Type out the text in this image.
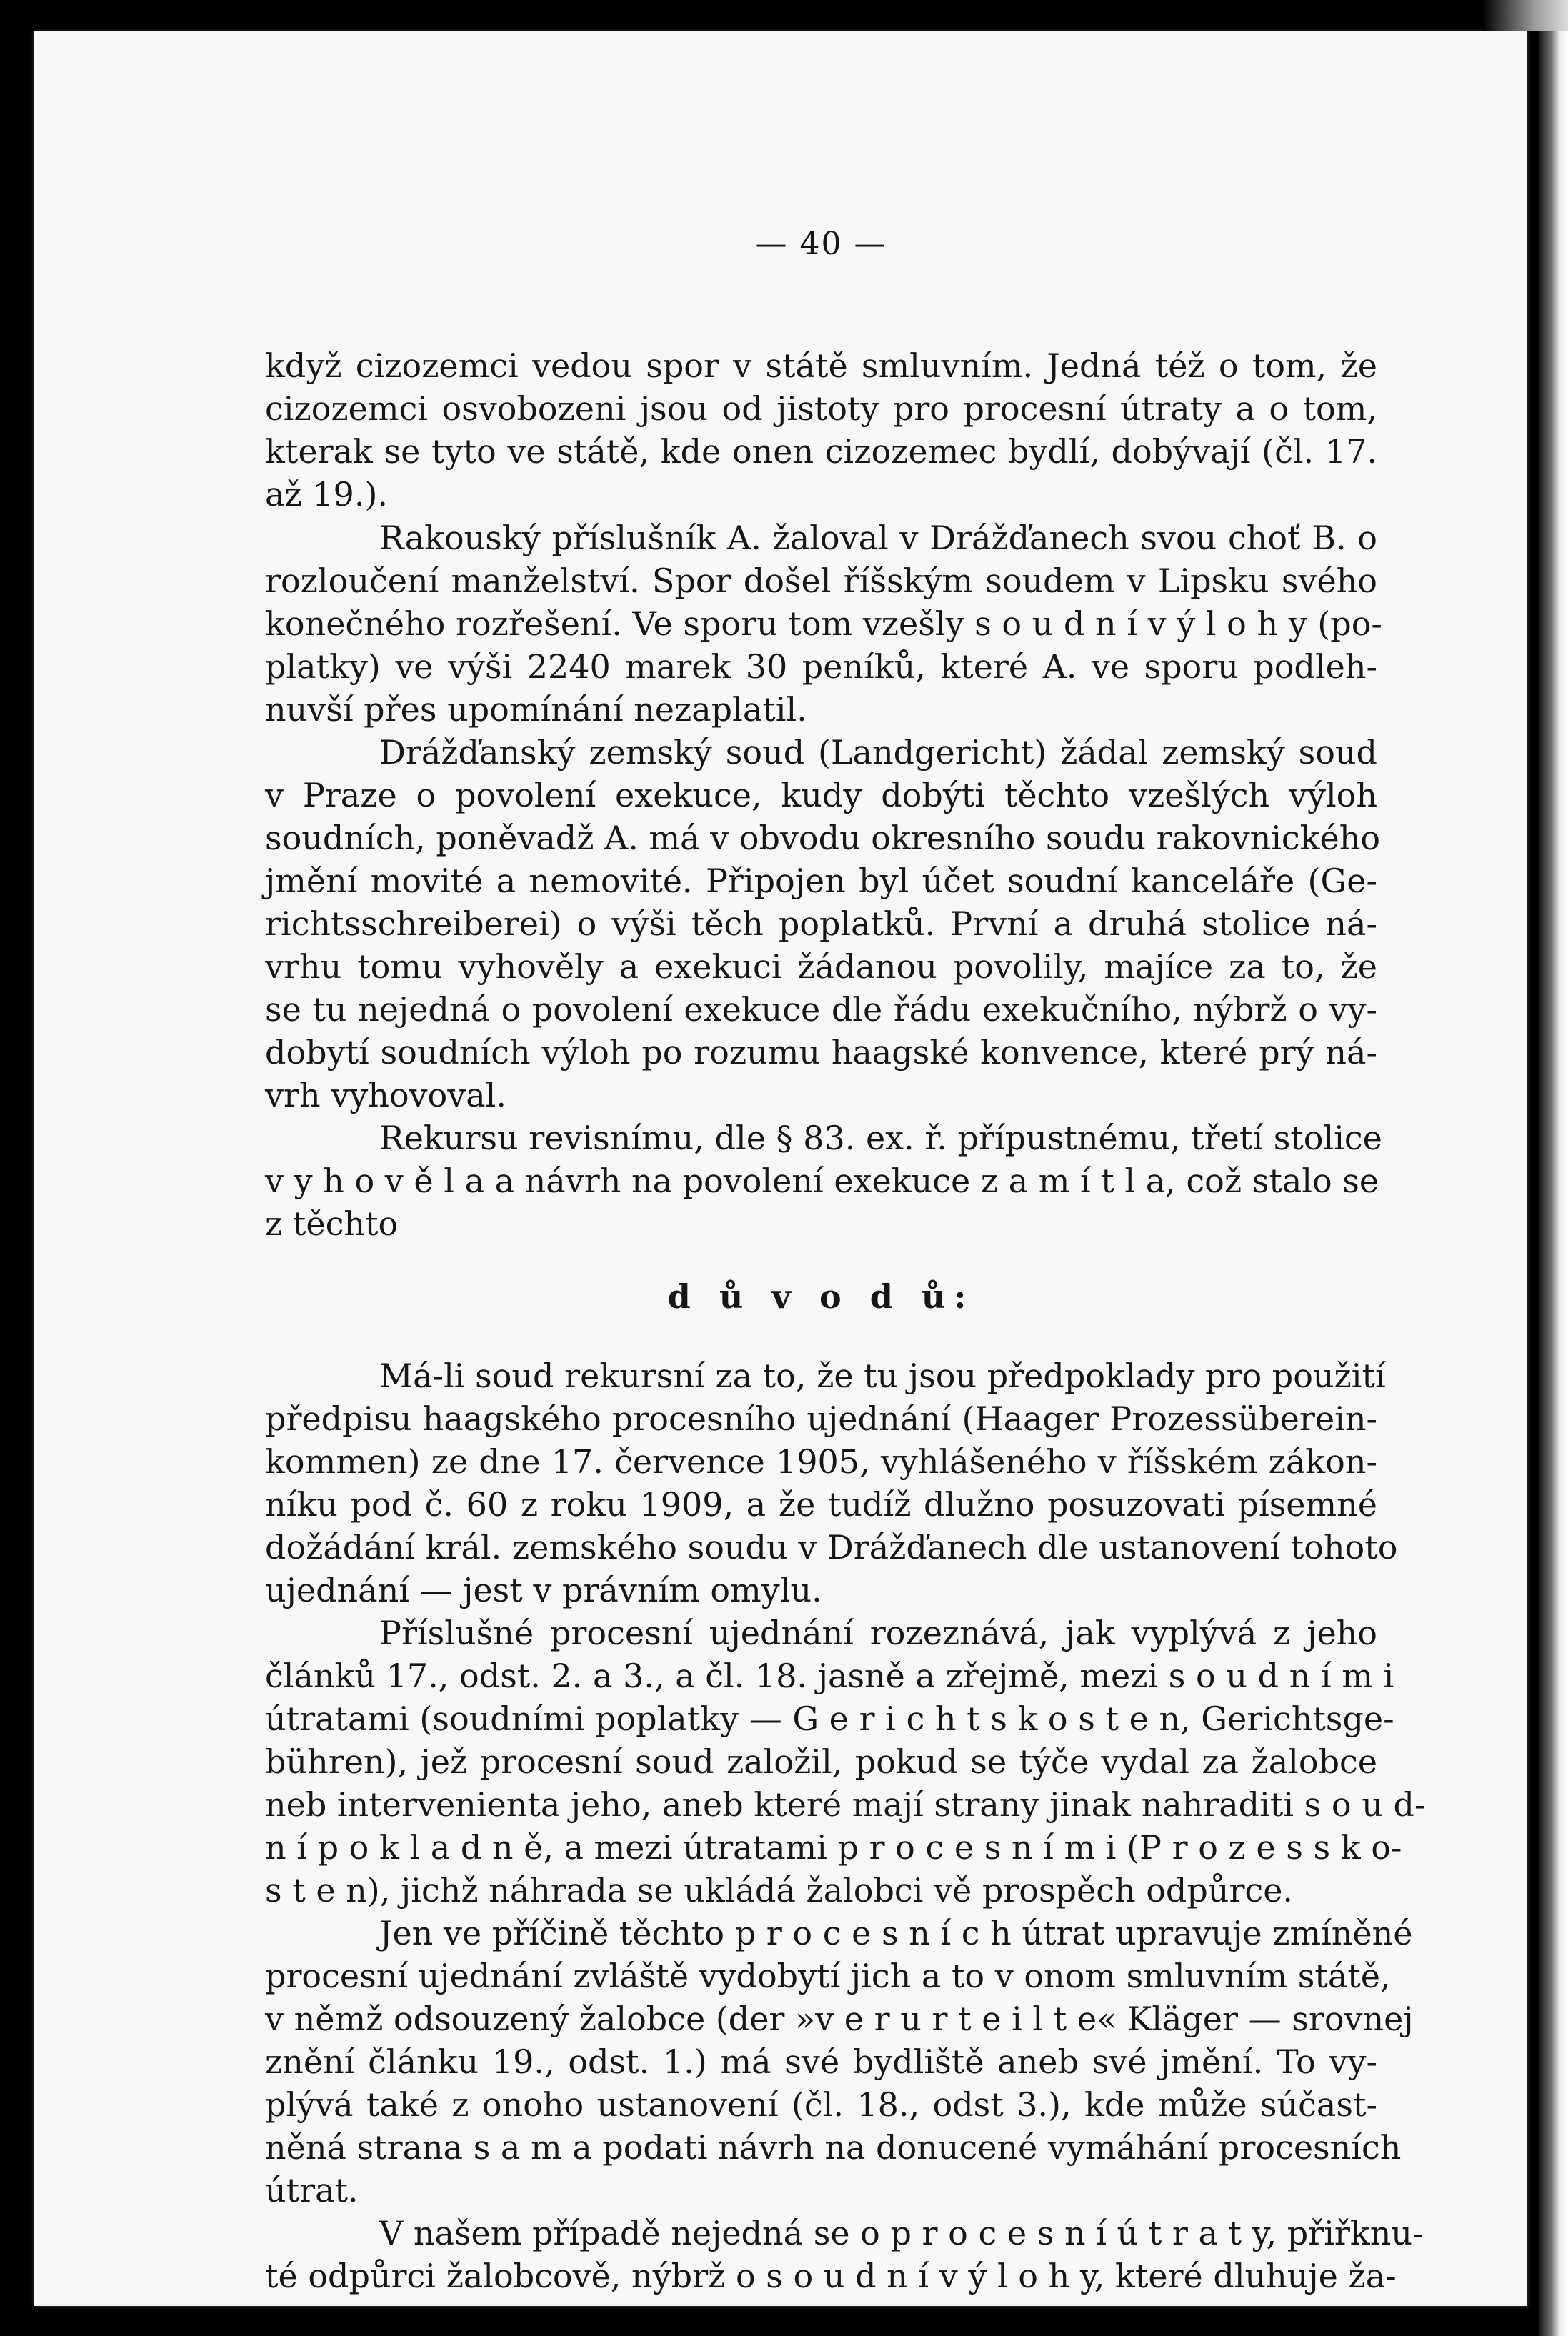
— 40 —
když cizozemci vedou spor v státě smluvním. Jedná též o tom, že
cizozemci osvobozeni jsou od jistoty pro procesní útraty a o tom,
kterak se tyto ve státě, kde onen cizozemec bydlí, dobývají (čl. 17.
až 19.).
Rakouský příslušník A. žaloval v Drážďanech svou choť B. o
rozloučení manželství. Spor došel říšským soudem v Lipsku svého
konečného rozřešení. Ve sporu tom vzešly s o u d n í v ý l o h y (po-
platky) ve výši 2240 marek 30 peníků, které A. ve sporu podleh-
nuvší přes upomínání nezaplatil.
Drážďanský zemský soud (Landgericht) žádal zemský soud
v Praze o povolení exekuce, kudy dobýti těchto vzešlých výloh
soudních, poněvadž A. má v obvodu okresního soudu rakovnického
jmění movité a nemovité. Připojen byl účet soudní kanceláře (Ge-
richtsschreiberei) o výši těch poplatků. První a druhá stolice ná-
vrhu tomu vyhověly a exekuci žádanou povolily, majíce za to, že
se tu nejedná o povolení exekuce dle řádu exekučního, nýbrž o vy-
dobytí soudních výloh po rozumu haagské konvence, které prý ná-
vrh vyhovoval.
Rekursu revisnímu, dle § 83. ex. ř. přípustnému, třetí stolice
v y h o v ě l a a návrh na povolení exekuce z a m í t l a, což stalo se
z těchto
d ů v o d ů:
Má-li soud rekursní za to, že tu jsou předpoklady pro použití
předpisu haagského procesního ujednání (Haager Prozessüberein-
kommen) ze dne 17. července 1905, vyhlášeného v říšském zákon-
níku pod č. 60 z roku 1909, a že tudíž dlužno posuzovati písemné
dožádání král. zemského soudu v Drážďanech dle ustanovení tohoto
ujednání — jest v právním omylu.
Příslušné procesní ujednání rozeznává, jak vyplývá z jeho
článků 17., odst. 2. a 3., a čl. 18. jasně a zřejmě, mezi s o u d n í m i
útratami (soudními poplatky — G e r i c h t s k o s t e n, Gerichtsge-
bühren), jež procesní soud založil, pokud se týče vydal za žalobce
neb intervenienta jeho, aneb které mají strany jinak nahraditi s o u d-
n í p o k l a d n ě, a mezi útratami p r o c e s n í m i (P r o z e s s k o-
s t e n), jichž náhrada se ukládá žalobci vě prospěch odpůrce.
Jen ve příčině těchto p r o c e s n í c h útrat upravuje zmíněné
procesní ujednání zvláště vydobytí jich a to v onom smluvním státě,
v němž odsouzený žalobce (der »v e r u r t e i l t e« Kläger — srovnej
znění článku 19., odst. 1.) má své bydliště aneb své jmění. To vy-
plývá také z onoho ustanovení (čl. 18., odst 3.), kde může súčast-
něná strana s a m a podati návrh na donucené vymáhání procesních
útrat.
V našem případě nejedná se o p r o c e s n í ú t r a t y, přiřknu-
té odpůrci žalobcově, nýbrž o s o u d n í v ý l o h y, které dluhuje ža-
